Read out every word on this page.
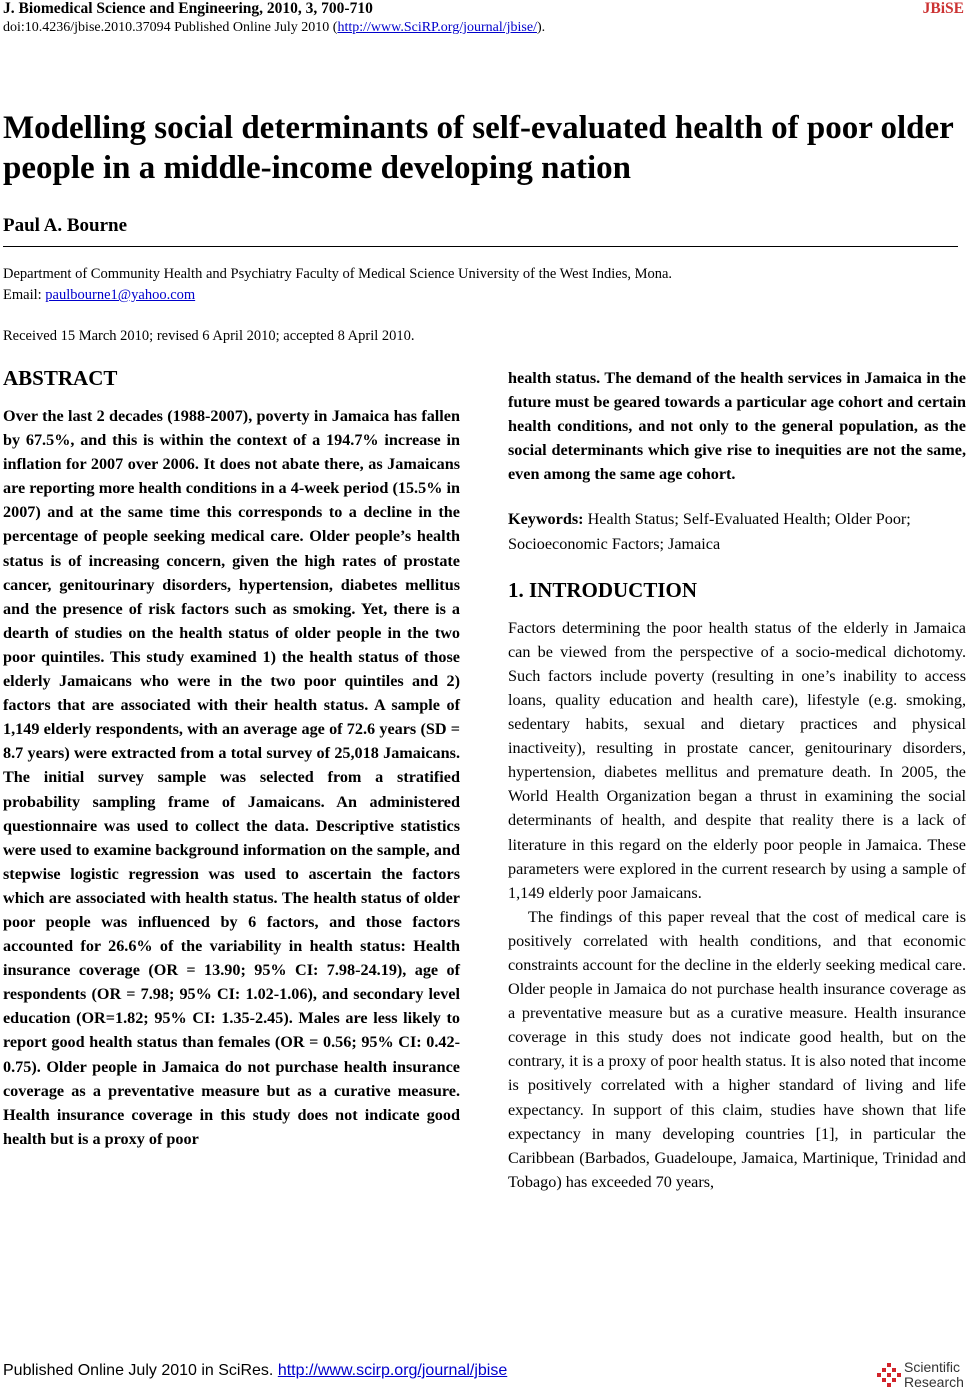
J. Biomedical Science and Engineering, 2010, 3, 700-710	JBiSE
doi:10.4236/jbise.2010.37094 Published Online July 2010 (http://www.SciRP.org/journal/jbise/).
Modelling social determinants of self-evaluated health of poor older people in a middle-income developing nation
Paul A. Bourne
Department of Community Health and Psychiatry Faculty of Medical Science University of the West Indies, Mona.
Email: paulbourne1@yahoo.com
Received 15 March 2010; revised 6 April 2010; accepted 8 April 2010.
ABSTRACT

Over the last 2 decades (1988-2007), poverty in Jamaica has fallen by 67.5%, and this is within the context of a 194.7% increase in inflation for 2007 over 2006. It does not abate there, as Jamaicans are reporting more health conditions in a 4-week period (15.5% in 2007) and at the same time this corresponds to a decline in the percentage of people seeking medical care. Older people’s health status is of increasing concern, given the high rates of prostate cancer, genitourinary disorders, hypertension, diabetes mellitus and the presence of risk factors such as smoking. Yet, there is a dearth of studies on the health status of older people in the two poor quintiles. This study examined 1) the health status of those elderly Jamaicans who were in the two poor quintiles and 2) factors that are associated with their health status. A sample of 1,149 elderly respondents, with an average age of 72.6 years (SD = 8.7 years) were extracted from a total survey of 25,018 Jamaicans. The initial survey sample was selected from a stratified probability sampling frame of Jamaicans. An administered questionnaire was used to collect the data. Descriptive statistics were used to examine background information on the sample, and stepwise logistic regression was used to ascertain the factors which are associated with health status. The health status of older poor people was influenced by 6 factors, and those factors accounted for 26.6% of the variability in health status: Health insurance coverage (OR = 13.90; 95% CI: 7.98-24.19), age of respondents (OR = 7.98; 95% CI: 1.02-1.06), and secondary level education (OR=1.82; 95% CI: 1.35-2.45). Males are less likely to report good health status than females (OR = 0.56; 95% CI: 0.42-0.75). Older people in Jamaica do not purchase health insurance coverage as a preventative measure but as a curative measure. Health insurance coverage in this study does not indicate good health but is a proxy of poor

health status. The demand of the health services in Jamaica in the future must be geared towards a particular age cohort and certain health conditions, and not only to the general population, as the social determinants which give rise to inequities are not the same, even among the same age cohort.

Keywords: Health Status; Self-Evaluated Health; Older Poor; Socioeconomic Factors; Jamaica

1. INTRODUCTION

Factors determining the poor health status of the elderly in Jamaica can be viewed from the perspective of a socio-medical dichotomy. Such factors include poverty (resulting in one’s inability to access loans, quality education and health care), lifestyle (e.g. smoking, sedentary habits, sexual and dietary practices and physical inactiveity), resulting in prostate cancer, genitourinary disorders, hypertension, diabetes mellitus and premature death. In 2005, the World Health Organization began a thrust in examining the social determinants of health, and despite that reality there is a lack of literature in this regard on the elderly poor people in Jamaica. These parameters were explored in the current research by using a sample of 1,149 elderly poor Jamaicans.

The findings of this paper reveal that the cost of medical care is positively correlated with health conditions, and that economic constraints account for the decline in the elderly seeking medical care. Older people in Jamaica do not purchase health insurance coverage as a preventative measure but as a curative measure. Health insurance coverage in this study does not indicate good health, but on the contrary, it is a proxy of poor health status. It is also noted that income is positively correlated with a higher standard of living and life expectancy. In support of this claim, studies have shown that life expectancy in many developing countries [1], in particular the Caribbean (Barbados, Guadeloupe, Jamaica, Martinique, Trinidad and Tobago) has exceeded 70 years,

Published Online July 2010 in SciRes. http://www.scirp.org/journal/jbise	Scientific
Research
